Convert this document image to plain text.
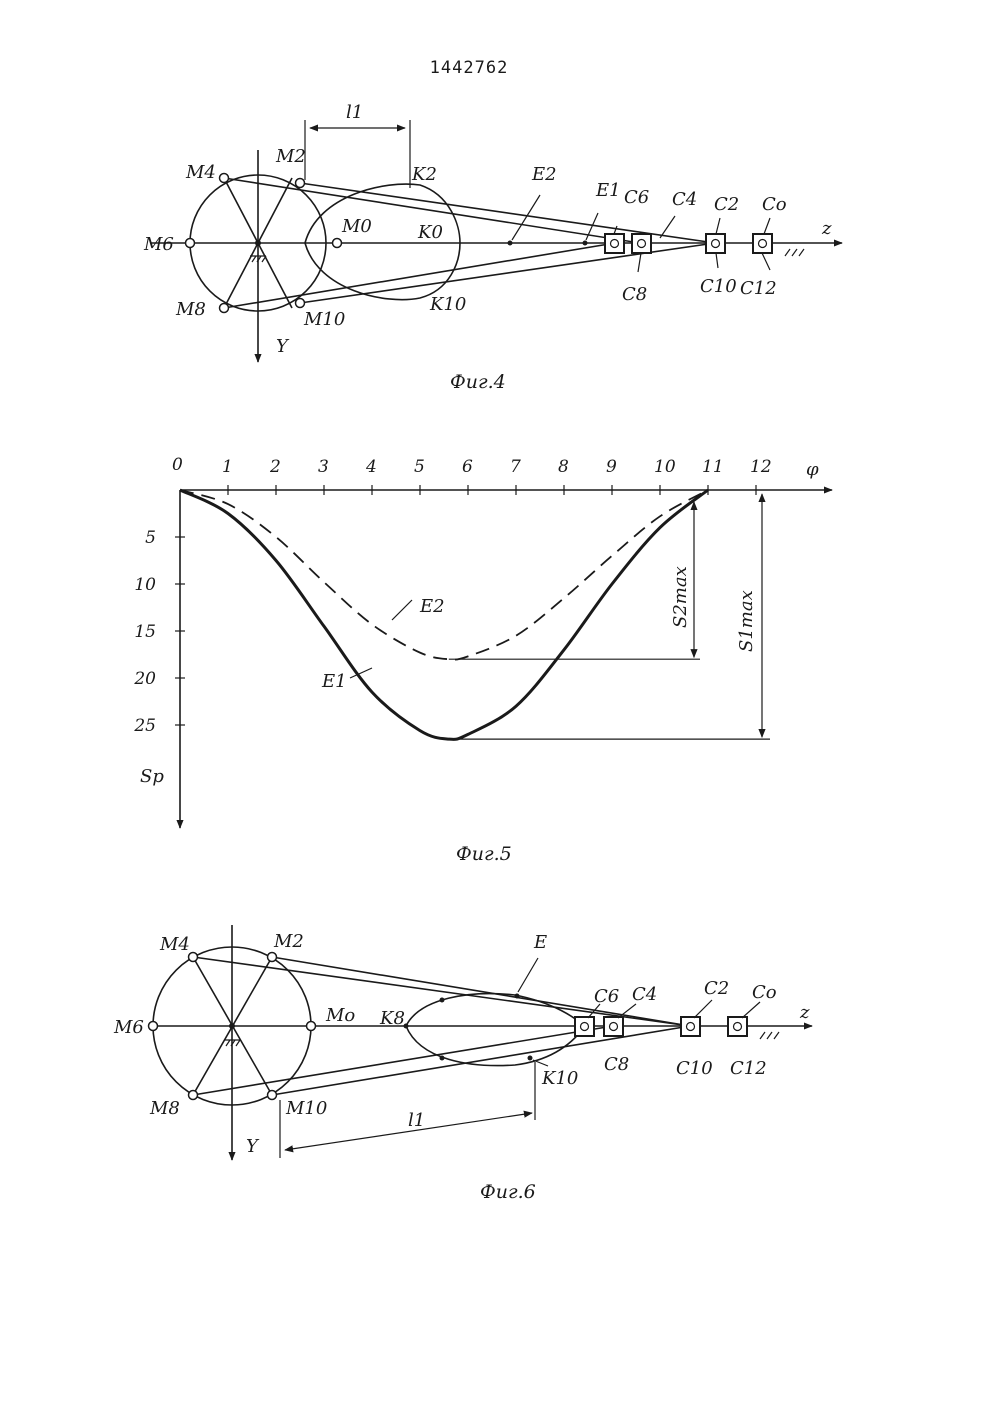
1442762
l1
M4
M2
M6
M0
M8	M10
K2
K0
K10
E2
E1 C6 C4 C2 Co
C8	C10 C12
z
Y
Фиг.4
1 2 3 4 5 6 7 8 9 10 11 12
5
10
15
20
25
0	φ
Sp
E2
E1
S2max	S1max
Фиг.5
M4	M2
M6
Mo
M8	M10
K8
K10
E
C6 C4	C2 Co
C8	C10 C12
z
Y
l1
Фиг.6
